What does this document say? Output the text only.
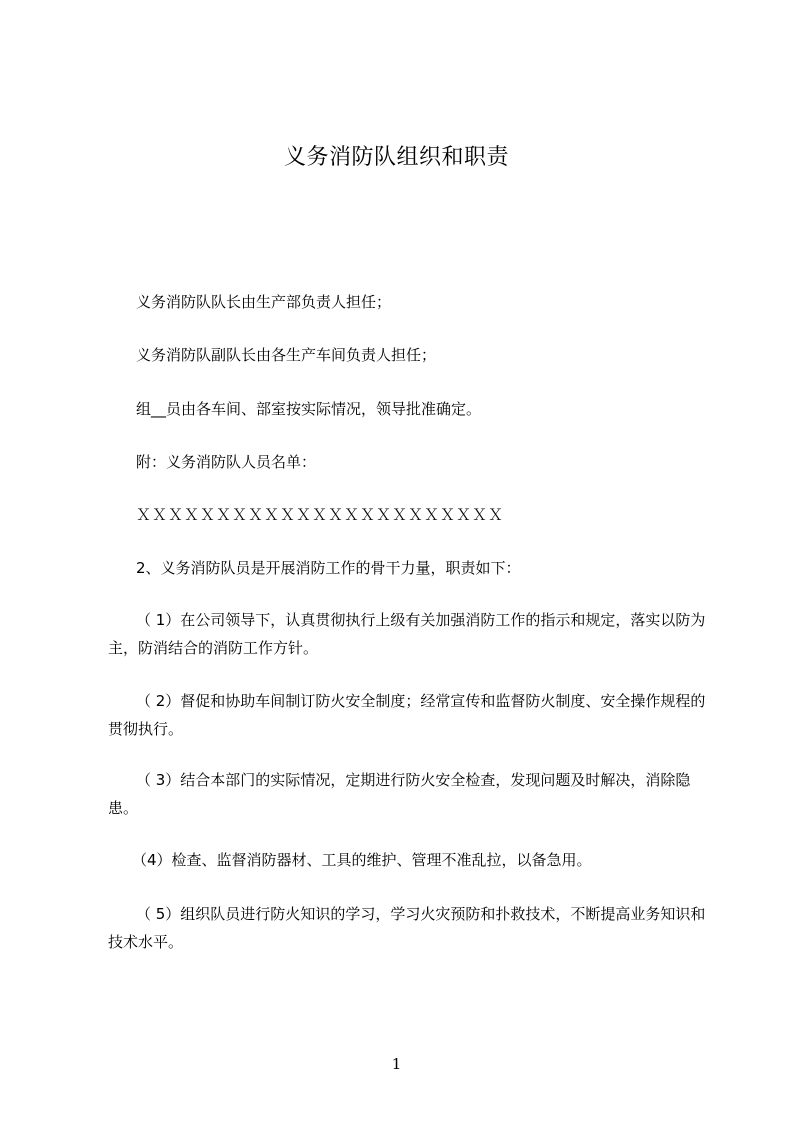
义务消防队组织和职责

义务消防队队长由生产部负责人担任；

义务消防队副队长由各生产车间负责人担任；

组__员由各车间、部室按实际情况，领导批准确定。

附：义务消防队人员名单：

ＸＸＸＸＸＸＸＸＸＸＸＸＸＸＸＸＸＸＸＸＸＸＸ

2、义务消防队员是开展消防工作的骨干力量，职责如下：

（ 1）在公司领导下，认真贯彻执行上级有关加强消防工作的指示和规定，落实以防为主，防消结合的消防工作方针。

（ 2）督促和协助车间制订防火安全制度；经常宣传和监督防火制度、安全操作规程的贯彻执行。

（ 3）结合本部门的实际情况，定期进行防火安全检查，发现问题及时解决，消除隐患。

（4）检查、监督消防器材、工具的维护、管理不准乱拉，以备急用。

（ 5）组织队员进行防火知识的学习，学习火灾预防和扑救技术，不断提高业务知识和技术水平。

1
